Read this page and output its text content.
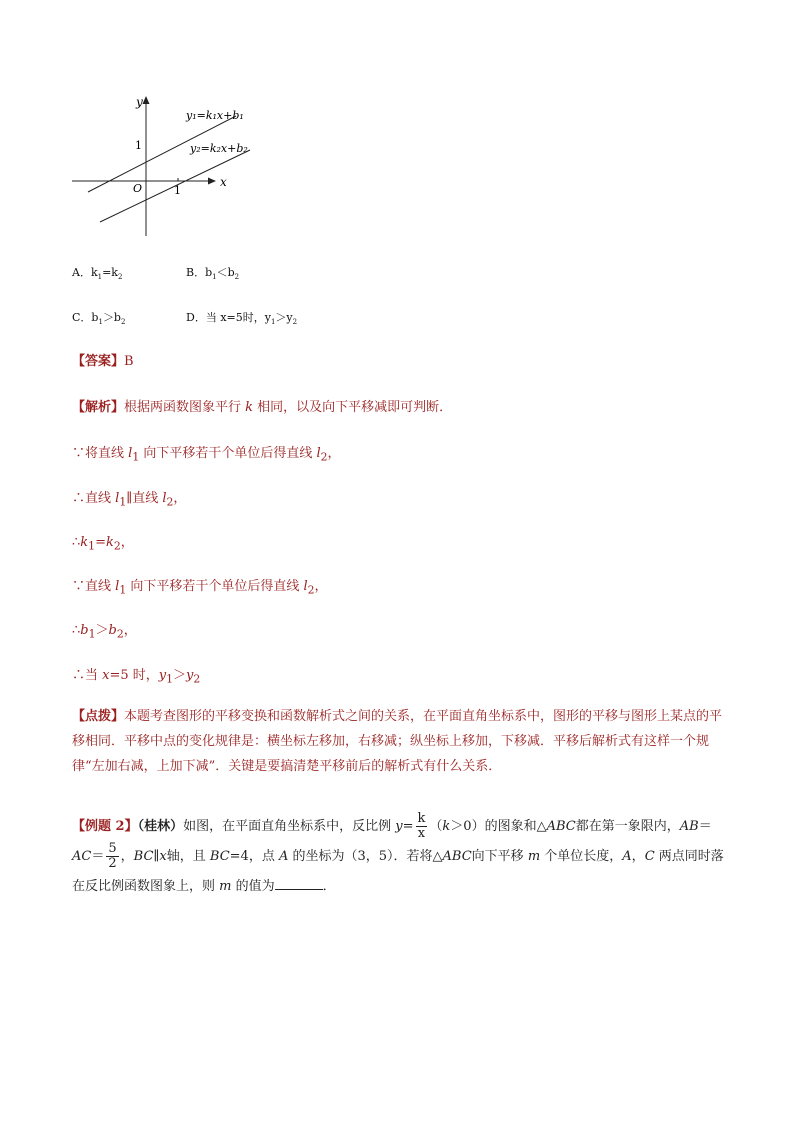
y
x
O
1
1
y₁=k₁x+b₁
y₂=k₂x+b₂
A．$k_1=k_2$	B．$b_1<b_2$
C．$b_1>b_2$	D．当 x=5时，$y_1>y_2$
【答案】B
【解析】根据两函数图象平行 k 相同，以及向下平移减即可判断．
∵将直线 $l_1$ 向下平移若干个单位后得直线 $l_2$，
∴直线 $l_1\parallel$直线 $l_2$，
$\therefore k_1=k_2$，
∵直线 $l_1$ 向下平移若干个单位后得直线 $l_2$，
$\therefore b_1>b_2$，
∴当 x=5 时，$y_1>y_2$
【点拨】本题考查图形的平移变换和函数解析式之间的关系，在平面直角坐标系中，图形的平移与图形上某点的平移相同．平移中点的变化规律是：横坐标左移加，右移减；纵坐标上移加，下移减．平移后解析式有这样一个规律“左加右减，上加下减”．关键是要搞清楚平移前后的解析式有什么关系．
【例题 2】（桂林）如图，在平面直角坐标系中，反比例 $y= \frac{k}{x} (k>0)$的图象和△ABC都在第一象限内，$AB=AC= \frac{5}{2}$ ，BC∥x轴，且 BC=4，点 A 的坐标为（3，5）．若将△ABC向下平移 m 个单位长度，A，C 两点同时落在反比例函数图象上，则 m 的值为	．
